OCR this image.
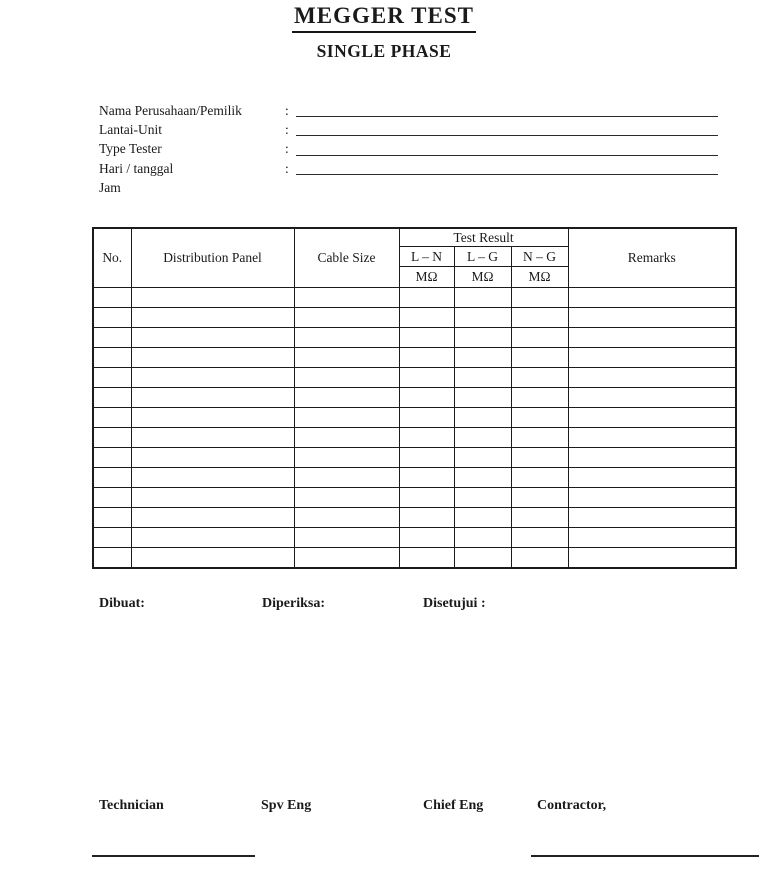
MEGGER TEST
SINGLE PHASE
Nama Perusahaan/Pemilik	:
Lantai-Unit	:
Type Tester	:
Hari / tanggal	:
Jam
No.	Distribution Panel	Cable Size	Test Result			Remarks
			L – N	L – G	N – G	
			MΩ	MΩ	MΩ	

Dibuat:	Diperiksa:	Disetujui :
Technician	Spv Eng	Chief Eng	Contractor,
